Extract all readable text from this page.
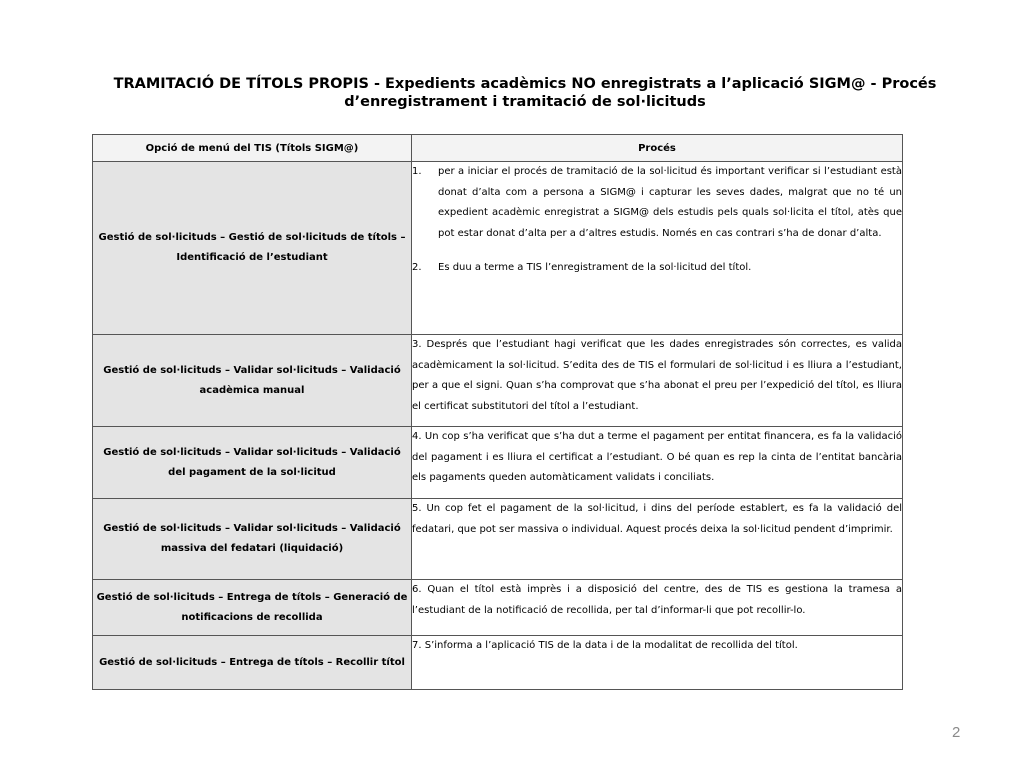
TRAMITACIÓ DE TÍTOLS PROPIS - Expedients acadèmics NO enregistrats a l’aplicació SIGM@ - Procés
d’enregistrament i tramitació de sol·licituds
Opció de menú del TIS (Títols SIGM@)	Procés
Gestió de sol·licituds – Gestió de sol·licituds de títols – Identificació de l’estudiant	1. per a iniciar el procés de tramitació de la sol·licitud és important verificar si l’estudiant està donat d’alta com a persona a SIGM@ i capturar les seves dades, malgrat que no té un expedient acadèmic enregistrat a SIGM@ dels estudis pels quals sol·licita el títol, atès que pot estar donat d’alta per a d’altres estudis. Només en cas contrari s’ha de donar d’alta.
2. Es duu a terme a TIS l’enregistrament de la sol·licitud del títol.

Gestió de sol·licituds – Validar sol·licituds – Validació acadèmica manual	3. Després que l’estudiant hagi verificat que les dades enregistrades són correctes, es valida acadèmicament la sol·licitud. S’edita des de TIS el formulari de sol·licitud i es lliura a l’estudiant, per a que el signi. Quan s’ha comprovat que s’ha abonat el preu per l’expedició del títol, es lliura el certificat substitutori del títol a l’estudiant.
Gestió de sol·licituds – Validar sol·licituds – Validació del pagament de la sol·licitud	4. Un cop s’ha verificat que s’ha dut a terme el pagament per entitat financera, es fa la validació del pagament i es lliura el certificat a l’estudiant. O bé quan es rep la cinta de l’entitat bancària els pagaments queden automàticament validats i conciliats.
Gestió de sol·licituds – Validar sol·licituds – Validació massiva del fedatari (liquidació)	5. Un cop fet el pagament de la sol·licitud, i dins del període establert, es fa la validació del fedatari, que pot ser massiva o individual. Aquest procés deixa la sol·licitud pendent d’imprimir.
Gestió de sol·licituds – Entrega de títols – Generació de notificacions de recollida	6. Quan el títol està imprès i a disposició del centre, des de TIS es gestiona la tramesa a l’estudiant de la notificació de recollida, per tal d’informar-li que pot recollir-lo.
Gestió de sol·licituds – Entrega de títols – Recollir títol	7. S’informa a l’aplicació TIS de la data i de la modalitat de recollida del títol.
2
